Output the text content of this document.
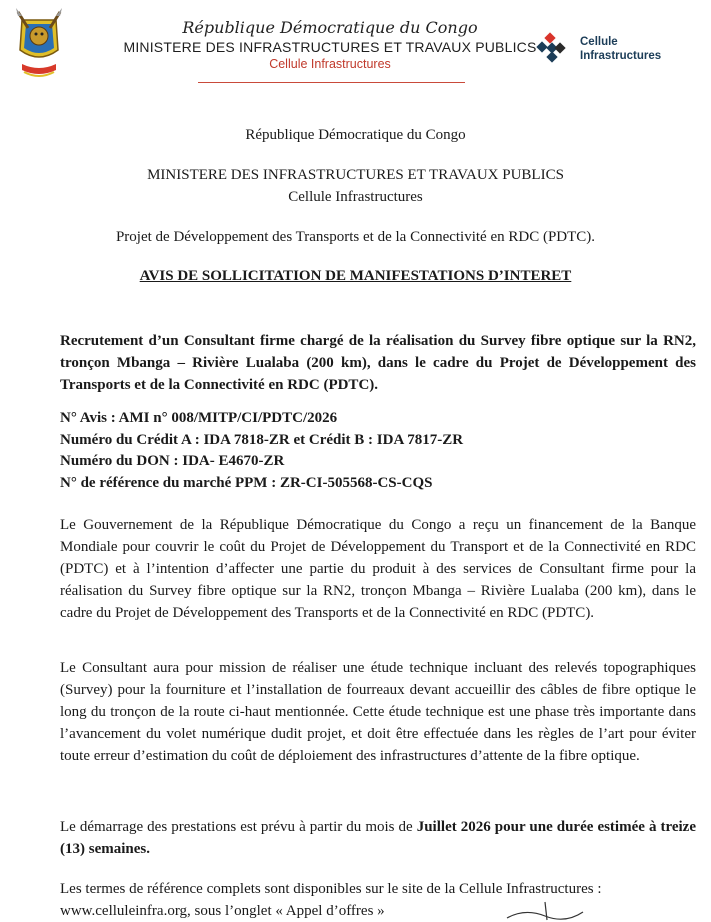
République Démocratique du Congo
MINISTERE DES INFRASTRUCTURES ET TRAVAUX PUBLICS
Cellule Infrastructures
Cellule
Infrastructures
République Démocratique du Congo
MINISTERE DES INFRASTRUCTURES ET TRAVAUX PUBLICS
Cellule Infrastructures
Projet de Développement des Transports et de la Connectivité en RDC (PDTC).
AVIS DE SOLLICITATION DE MANIFESTATIONS D’INTERET
Recrutement d’un Consultant firme chargé de la réalisation du Survey fibre optique sur la RN2, tronçon Mbanga – Rivière Lualaba (200 km), dans le cadre du Projet de Développement des Transports et de la Connectivité en RDC (PDTC).
N° Avis : AMI n° 008/MITP/CI/PDTC/2026
Numéro du Crédit A : IDA 7818-ZR et Crédit B : IDA 7817-ZR
Numéro du DON : IDA- E4670-ZR
N° de référence du marché PPM : ZR-CI-505568-CS-CQS
Le Gouvernement de la République Démocratique du Congo a reçu un financement de la Banque Mondiale pour couvrir le coût du Projet de Développement du Transport et de la Connectivité en RDC (PDTC) et à l’intention d’affecter une partie du produit à des services de Consultant firme pour la réalisation du Survey fibre optique sur la RN2, tronçon Mbanga – Rivière Lualaba (200 km), dans le cadre du Projet de Développement des Transports et de la Connectivité en RDC (PDTC).
Le Consultant aura pour mission de réaliser une étude technique incluant des relevés topographiques (Survey) pour la fourniture et l’installation de fourreaux devant accueillir des câbles de fibre optique le long du tronçon de la route ci-haut mentionnée. Cette étude technique est une phase très importante dans l’avancement du volet numérique dudit projet, et doit être effectuée dans les règles de l’art pour éviter toute erreur d’estimation du coût de déploiement des infrastructures d’attente de la fibre optique.
Le démarrage des prestations est prévu à partir du mois de Juillet 2026 pour une durée estimée à treize (13) semaines.
Les termes de référence complets sont disponibles sur le site de la Cellule Infrastructures :
www.celluleinfra.org, sous l’onglet « Appel d’offres »
